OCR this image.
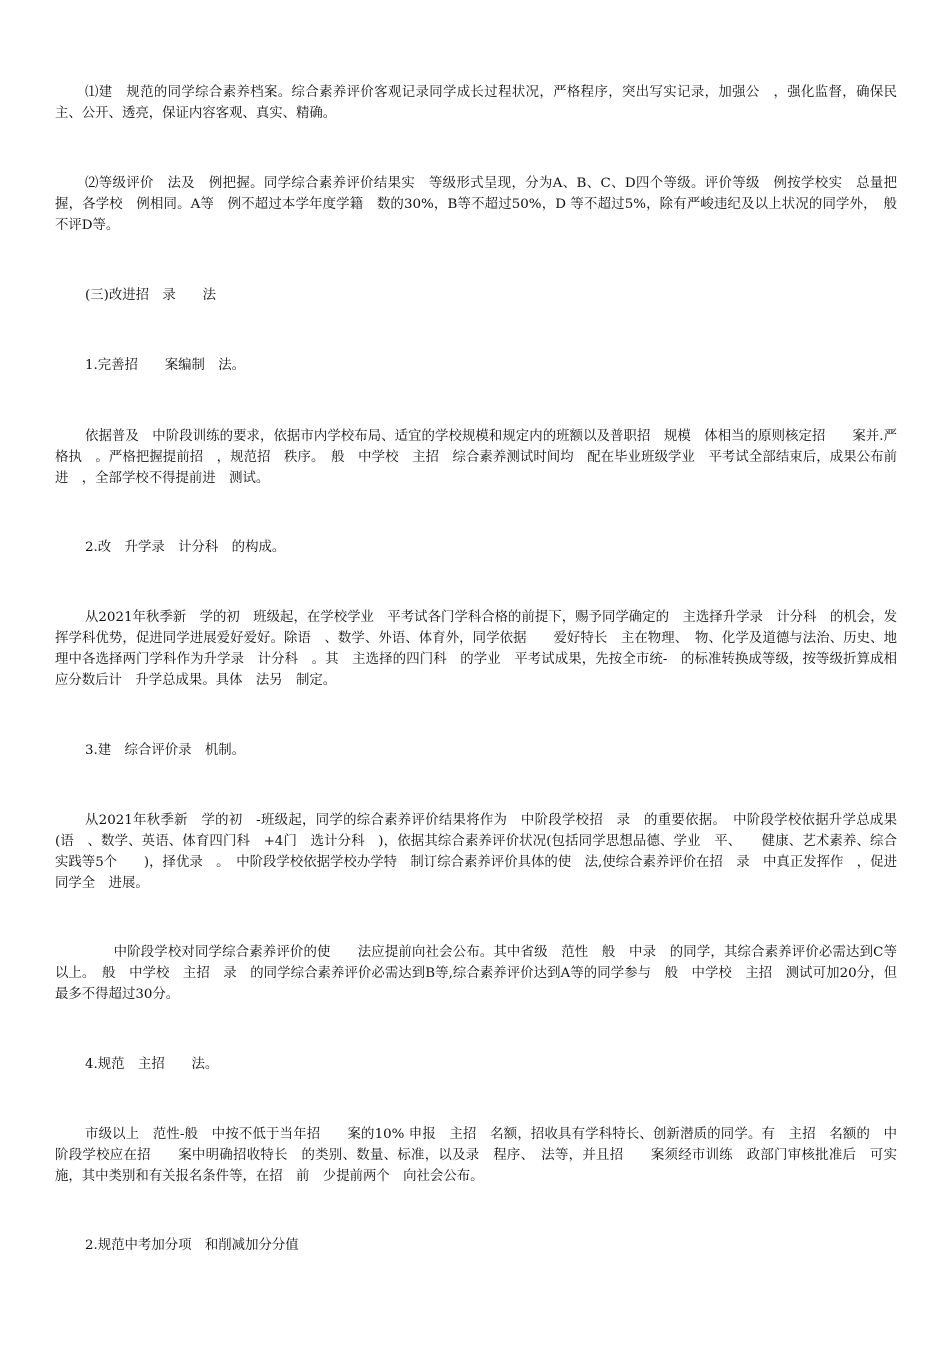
⑴建　规范的同学综合素养档案。综合素养评价客观记录同学成长过程状况，严格程序，突出写实记录，加强公　，强化监督，确保民主、公开、透亮，保证内容客观、真实、精确。

⑵等级评价　法及　例把握。同学综合素养评价结果实　等级形式呈现，分为A、B、C、D四个等级。评价等级　例按学校实　总量把握，各学校　例相同。A等　例不超过本学年度学籍　数的30%，B等不超过50%，D 等不超过5%，除有严峻违纪及以上状况的同学外，　般不评D等。

(三)改进招　录　　法

1.完善招　　案编制　法。

依据普及　中阶段训练的要求，依据市内学校布局、适宜的学校规模和规定内的班额以及普职招　规模　体相当的原则核定招　　案并.严格执　。严格把握提前招　，规范招　秩序。　般　中学校　主招　综合素养测试时间均　配在毕业班级学业　平考试全部结束后，成果公布前进　，全部学校不得提前进　测试。

2.改　升学录　计分科　的构成。

从2021年秋季新　学的初　班级起，在学校学业　平考试各门学科合格的前提下，赐予同学确定的　主选择升学录　计分科　的机会，发挥学科优势，促进同学进展爱好爱好。除语　、数学、外语、体育外，同学依据　　爱好特长　主在物理、　物、化学及道德与法治、历史、地理中各选择两门学科作为升学录　计分科　。其　主选择的四门科　的学业　平考试成果，先按全市统-　的标准转换成等级，按等级折算成相应分数后计　升学总成果。具体　法另　制定。

3.建　综合评价录　机制。

从2021年秋季新　学的初　-班级起，同学的综合素养评价结果将作为　中阶段学校招　录　的重要依据。　中阶段学校依据升学总成果(语　、数学、英语、体育四门科　+4门　选计分科　)，依据其综合素养评价状况(包括同学思想品德、学业　平、　　健康、艺术素养、综合实践等5个　　)，择优录　。　中阶段学校依据学校办学特　制订综合素养评价具体的使　法,使综合素养评价在招　录　中真正发挥作　，促进同学全　进展。

　中阶段学校对同学综合素养评价的使　　法应提前向社会公布。其中省级　范性　般　中录　的同学，其综合素养评价必需达到C等以上。　般　中学校　主招　录　的同学综合素养评价必需达到B等,综合素养评价达到A等的同学参与　般　中学校　主招　测试可加20分，但最多不得超过30分。

4.规范　主招　　法。

市级以上　范性-般　中按不低于当年招　　案的10% 申报　主招　名额，招收具有学科特长、创新潜质的同学。有　主招　名额的　中阶段学校应在招　　案中明确招收特长　的类别、数量、标准，以及录　程序、　法等，并且招　　案须经市训练　政部门审核批准后　可实施，其中类别和有关报名条件等，在招　前　少提前两个　向社会公布。

2.规范中考加分项　和削减加分分值
